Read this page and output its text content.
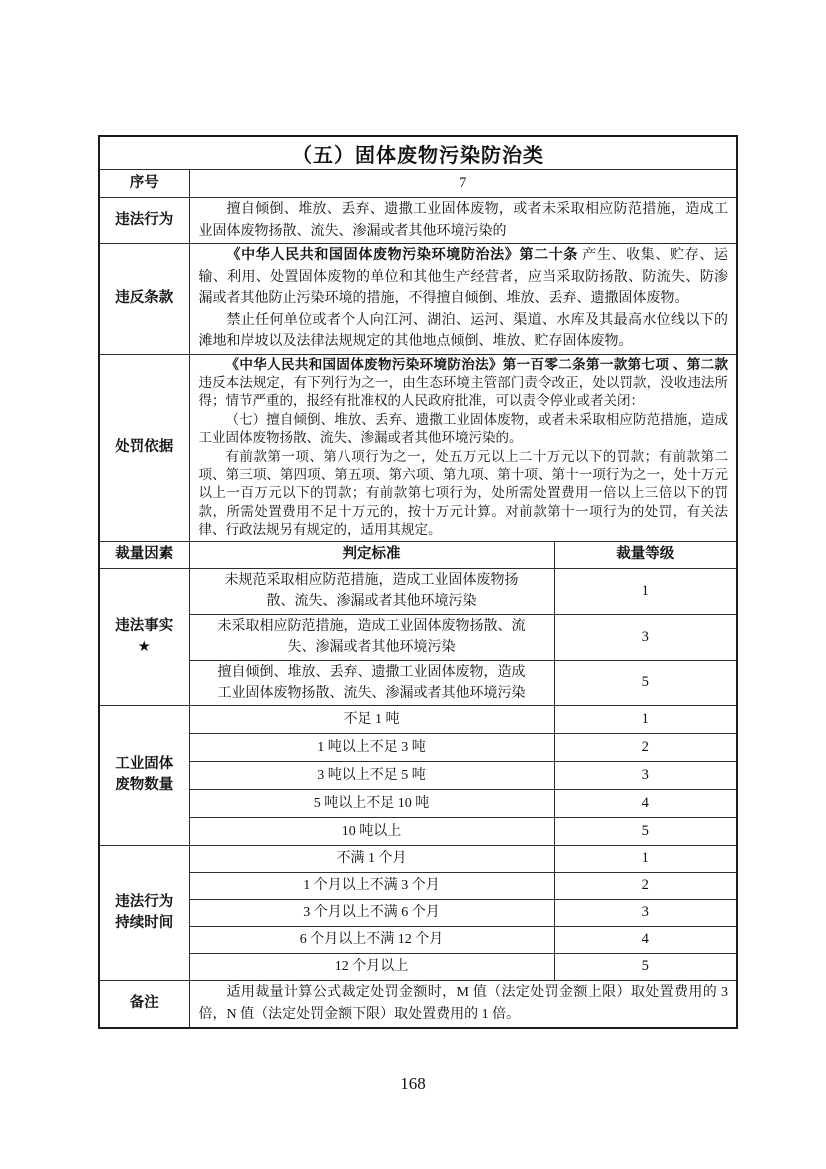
（五）固体废物污染防治类		
序号	7	
违法行为	擅自倾倒、堆放、丢弃、遗撒工业固体废物，或者未采取相应防范措施，造成工业固体废物扬散、流失、渗漏或者其他环境污染的	

违反条款	《中华人民共和国固体废物污染环境防治法》第二十条 产生、收集、贮存、运输、利用、处置固体废物的单位和其他生产经营者，应当采取防扬散、防流失、防渗漏或者其他防止污染环境的措施，不得擅自倾倒、堆放、丢弃、遗撒固体废物。

禁止任何单位或者个人向江河、湖泊、运河、渠道、水库及其最高水位线以下的滩地和岸坡以及法律法规规定的其他地点倾倒、堆放、贮存固体废物。	

处罚依据	《中华人民共和国固体废物污染环境防治法》第一百零二条第一款第七项 、第二款 违反本法规定，有下列行为之一，由生态环境主管部门责令改正，处以罚款，没收违法所得；情节严重的，报经有批准权的人民政府批准，可以责令停业或者关闭：

（七）擅自倾倒、堆放、丢弃、遗撒工业固体废物，或者未采取相应防范措施，造成工业固体废物扬散、流失、渗漏或者其他环境污染的。

有前款第一项、第八项行为之一，处五万元以上二十万元以下的罚款；有前款第二项、第三项、第四项、第五项、第六项、第九项、第十项、第十一项行为之一，处十万元以上一百万元以下的罚款；有前款第七项行为，处所需处置费用一倍以上三倍以下的罚款，所需处置费用不足十万元的，按十万元计算。对前款第十一项行为的处罚，有关法律、行政法规另有规定的，适用其规定。	

裁量因素	判定标准	裁量等级

违法事实
★	未规范采取相应防范措施，造成工业固体废物扬散、流失、渗漏或者其他环境污染	1
	未采取相应防范措施，造成工业固体废物扬散、流失、渗漏或者其他环境污染	3
	擅自倾倒、堆放、丢弃、遗撒工业固体废物，造成工业固体废物扬散、流失、渗漏或者其他环境污染	5

工业固体
废物数量	不足 1 吨	1
	1 吨以上不足 3 吨	2
	3 吨以上不足 5 吨	3
	5 吨以上不足 10 吨	4
	10 吨以上	5

违法行为
持续时间	不满 1 个月	1
	1 个月以上不满 3 个月	2
	3 个月以上不满 6 个月	3
	6 个月以上不满 12 个月	4
	12 个月以上	5
备注	适用裁量计算公式裁定处罚金额时，M 值（法定处罚金额上限）取处置费用的 3 倍，N 值（法定处罚金额下限）取处置费用的 1 倍。	

168
